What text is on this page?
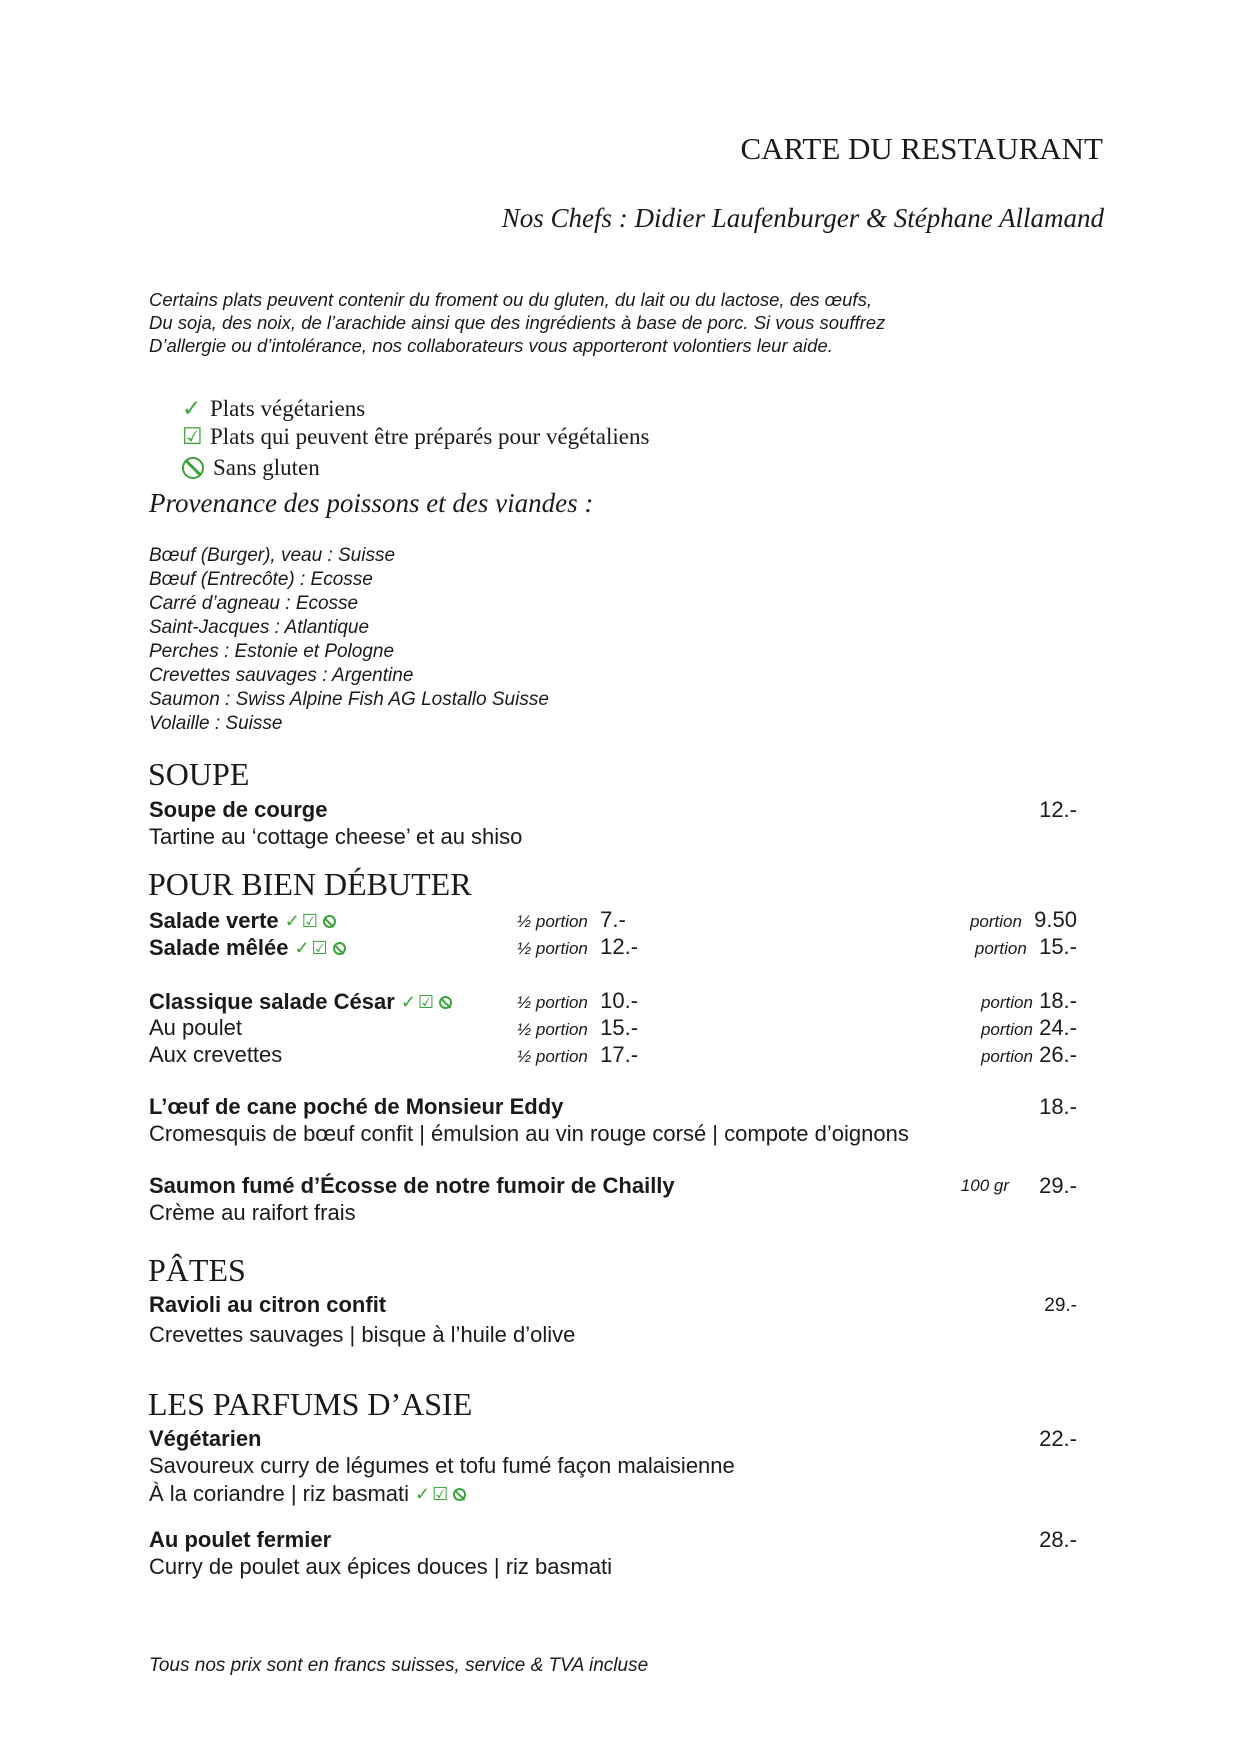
CARTE DU RESTAURANT
Nos Chefs : Didier Laufenburger & Stéphane Allamand
Certains plats peuvent contenir du froment ou du gluten, du lait ou du lactose, des œufs,
Du soja, des noix, de l’arachide ainsi que des ingrédients à base de porc. Si vous souffrez
D’allergie ou d’intolérance, nos collaborateurs vous apporteront volontiers leur aide.
✓ Plats végétariens
☑ Plats qui peuvent être préparés pour végétaliens
Sans gluten
Provenance des poissons et des viandes :
Bœuf (Burger), veau : Suisse
Bœuf (Entrecôte) : Ecosse
Carré d’agneau : Ecosse
Saint-Jacques : Atlantique
Perches : Estonie et Pologne
Crevettes sauvages : Argentine
Saumon : Swiss Alpine Fish AG Lostallo Suisse
Volaille : Suisse
SOUPE
Soupe de courge	12.-
Tartine au ‘cottage cheese’ et au shiso
POUR BIEN DÉBUTER
Salade verte ✓ ☑	½ portion 7.-	portion 9.50
Salade mêlée ✓ ☑	½ portion 12.-	portion 15.-
Classique salade César ✓ ☑	½ portion 10.-	portion 18.-
Au poulet	½ portion 15.-	portion 24.-
Aux crevettes	½ portion 17.-	portion 26.-
L’œuf de cane poché de Monsieur Eddy	18.-
Cromesquis de bœuf confit | émulsion au vin rouge corsé | compote d’oignons
Saumon fumé d’Écosse de notre fumoir de Chailly	100 gr 29.-
Crème au raifort frais
PÂTES
Ravioli au citron confit	29.-
Crevettes sauvages | bisque à l’huile d’olive
LES PARFUMS D’ASIE
Végétarien	22.-
Savoureux curry de légumes et tofu fumé façon malaisienne
À la coriandre | riz basmati ✓ ☑
Au poulet fermier	28.-
Curry de poulet aux épices douces | riz basmati
Tous nos prix sont en francs suisses, service & TVA incluse
